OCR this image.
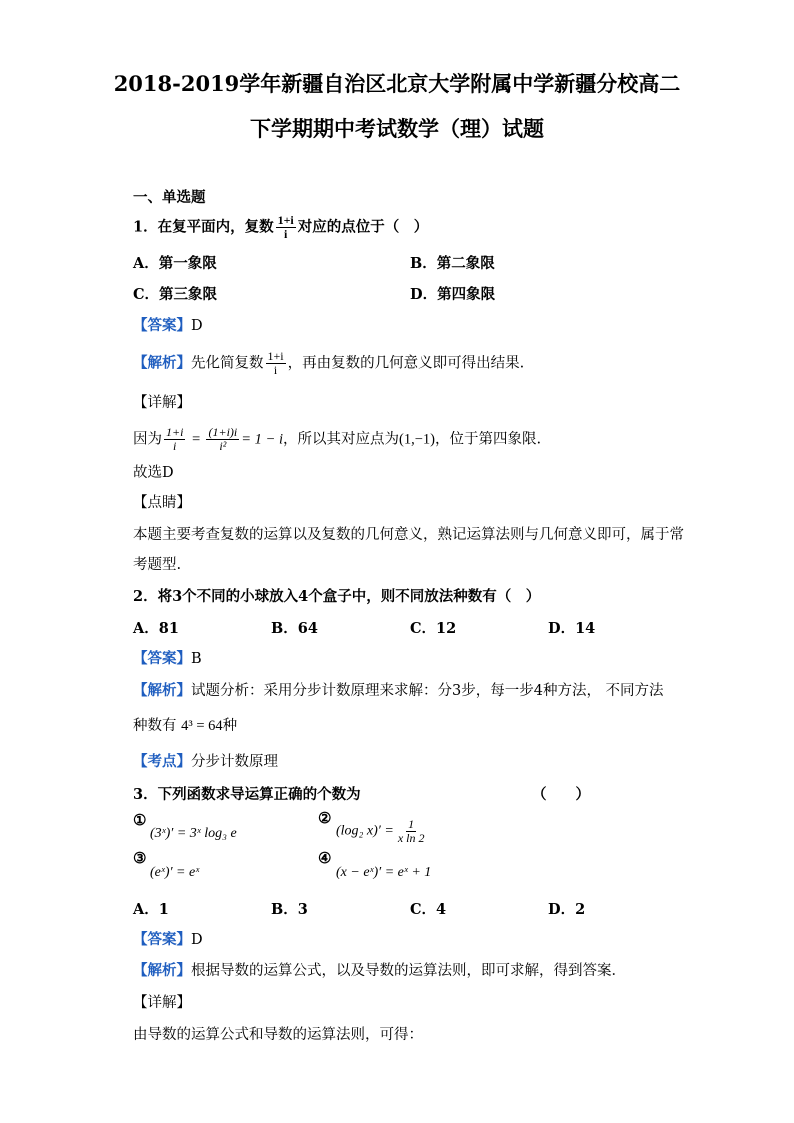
2018-2019学年新疆自治区北京大学附属中学新疆分校高二
下学期期中考试数学（理）试题
一、单选题
1．在复平面内，复数 $\frac{1+i}{i}$ 对应的点位于（　）
A．第一象限	B．第二象限
C．第三象限	D．第四象限
【答案】D
【解析】先化简复数 $\frac{1+i}{i}$ ，再由复数的几何意义即可得出结果.
【详解】
因为 $\frac{1+i}{i} = \frac{(1+i)i}{\text{i²}} = 1 - i$，所以其对应点为(1,−1)，位于第四象限.
故选D
【点睛】
本题主要考查复数的运算以及复数的几何意义，熟记运算法则与几何意义即可，属于常
考题型.
2．将3个不同的小球放入4个盒子中，则不同放法种数有（　）
A．81	B．64	C．12	D．14
【答案】B
【解析】试题分析：采用分步计数原理来求解：分3步，每一步4种方法， 不同方法
种数有 4³ = 64种
【考点】分步计数原理
3．下列函数求导运算正确的个数为	（　　）
①
(3ˣ)′ = 3ˣ log₃ e
②
(log₂ $x)' = \frac{1}{\text{x ln 2}}$
③
(eˣ)′ = eˣ
④
(x − eˣ)′ = eˣ + 1
A．1	B．3	C．4	D．2
【答案】D
【解析】根据导数的运算公式，以及导数的运算法则，即可求解，得到答案．
【详解】
由导数的运算公式和导数的运算法则，可得：
